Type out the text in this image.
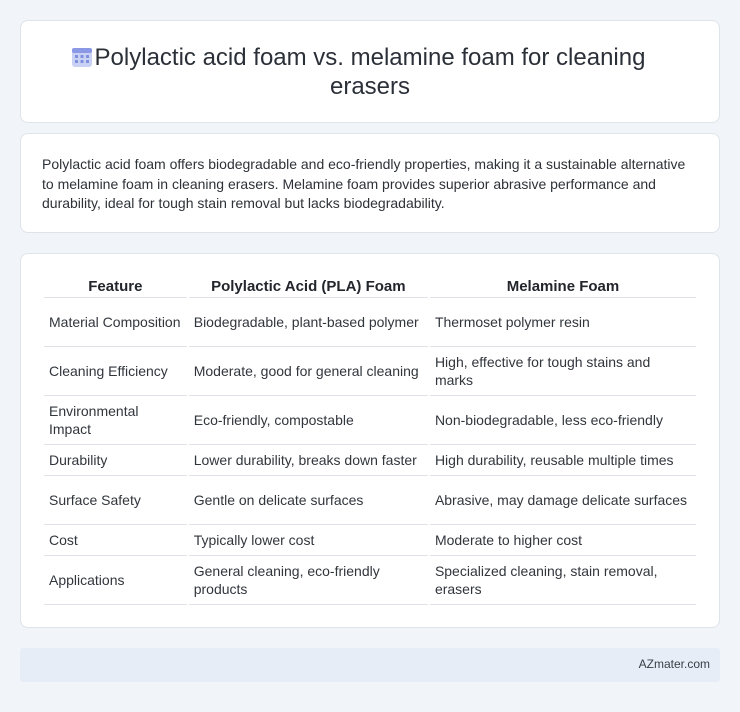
Polylactic acid foam vs. melamine foam for cleaning erasers

Polylactic acid foam offers biodegradable and eco-friendly properties, making it a sustainable alternative to melamine foam in cleaning erasers. Melamine foam provides superior abrasive performance and durability, ideal for tough stain removal but lacks biodegradability.

Feature	Polylactic Acid (PLA) Foam	Melamine Foam
Material Composition	Biodegradable, plant-based polymer	Thermoset polymer resin
Cleaning Efficiency	Moderate, good for general cleaning	High, effective for tough stains and marks
Environmental Impact	Eco-friendly, compostable	Non-biodegradable, less eco-friendly
Durability	Lower durability, breaks down faster	High durability, reusable multiple times
Surface Safety	Gentle on delicate surfaces	Abrasive, may damage delicate surfaces
Cost	Typically lower cost	Moderate to higher cost
Applications	General cleaning, eco-friendly products	Specialized cleaning, stain removal, erasers
AZmater.com
